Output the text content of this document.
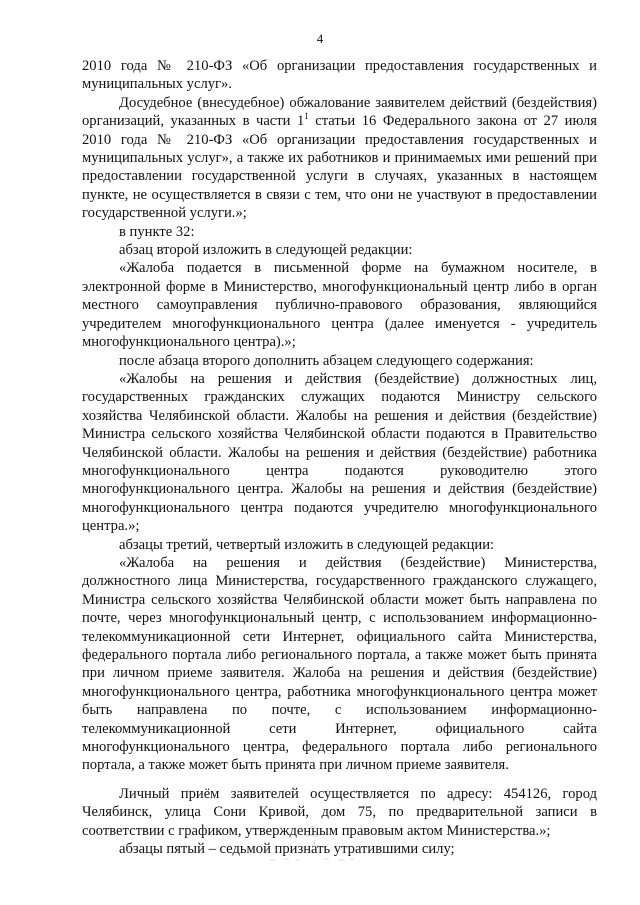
4

2010 года № 210-ФЗ «Об организации предоставления государственных и муниципальных услуг».

Досудебное (внесудебное) обжалование заявителем действий (бездействия) организаций, указанных в части $1^1$ статьи 16 Федерального закона от 27 июля 2010 года № 210-ФЗ «Об организации предоставления государственных и муниципальных услуг», а также их работников и принимаемых ими решений при предоставлении государственной услуги в случаях, указанных в настоящем пункте, не осуществляется в связи с тем, что они не участвуют в предоставлении государственной услуги.»;

в пункте 32:

абзац второй изложить в следующей редакции:

«Жалоба подается в письменной форме на бумажном носителе, в электронной форме в Министерство, многофункциональный центр либо в орган местного самоуправления публично-правового образования, являющийся учредителем многофункционального центра (далее именуется - учредитель многофункционального центра).»;

после абзаца второго дополнить абзацем следующего содержания:

«Жалобы на решения и действия (бездействие) должностных лиц, государственных гражданских служащих подаются Министру сельского хозяйства Челябинской области. Жалобы на решения и действия (бездействие) Министра сельского хозяйства Челябинской области подаются в Правительство Челябинской области. Жалобы на решения и действия (бездействие) работника многофункционального центра подаются руководителю этого многофункционального центра. Жалобы на решения и действия (бездействие) многофункционального центра подаются учредителю многофункционального центра.»;

абзацы третий, четвертый изложить в следующей редакции:

«Жалоба на решения и действия (бездействие) Министерства, должностного лица Министерства, государственного гражданского служащего, Министра сельского хозяйства Челябинской области может быть направлена по почте, через многофункциональный центр, с использованием информационно-телекоммуникационной сети Интернет, официального сайта Министерства, федерального портала либо регионального портала, а также может быть принята при личном приеме заявителя. Жалоба на решения и действия (бездействие) многофункционального центра, работника многофункционального центра может быть направлена по почте, с использованием информационно-телекоммуникационной сети Интернет, официального сайта многофункционального центра, федерального портала либо регионального портала, а также может быть принята при личном приеме заявителя.

Личный приём заявителей осуществляется по адресу: 454126, город Челябинск, улица Сони Кривой, дом 75, по предварительной записи в соответствии с графиком, утвержденным правовым актом Министерства.»;

абзацы пятый – седьмой признать утратившими силу;
